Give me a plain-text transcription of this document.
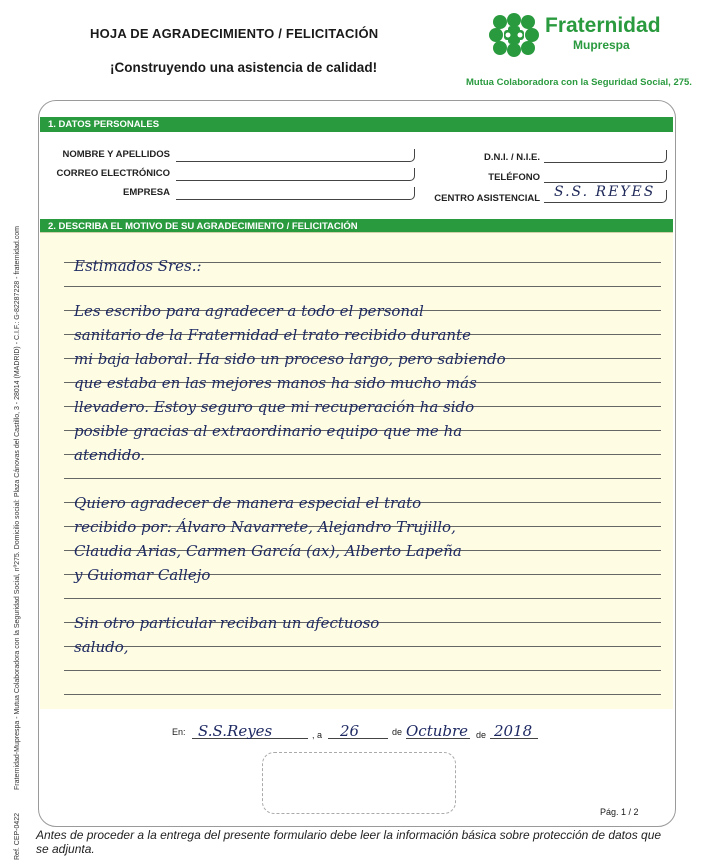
HOJA DE AGRADECIMIENTO / FELICITACIÓN
¡Construyendo una asistencia de calidad!
Fraternidad
Muprespa
Mutua Colaboradora con la Seguridad Social, 275.
Fraternidad-Muprespa - Mutua Colaboradora con la Seguridad Social, nº275. Domicilio social: Plaza Cánovas del Castillo, 3 - 28014 (MADRID) - C.I.F.: G-82287228 - fraternidad.com
Ref. CEP-0422
1. DATOS PERSONALES
NOMBRE Y APELLIDOS
CORREO ELECTRÓNICO
EMPRESA
D.N.I. / N.I.E.
TELÉFONO
CENTRO ASISTENCIAL S.S. REYES
2. DESCRIBA EL MOTIVO DE SU AGRADECIMIENTO / FELICITACIÓN
Estimados Sres.:
Les escribo para agradecer a todo el personal
sanitario de la Fraternidad el trato recibido durante
mi baja laboral. Ha sido un proceso largo, pero sabiendo
que estaba en las mejores manos ha sido mucho más
llevadero. Estoy seguro que mi recuperación ha sido
posible gracias al extraordinario equipo que me ha
atendido.
Quiero agradecer de manera especial el trato
recibido por: Álvaro Navarrete, Alejandro Trujillo,
Claudia Arias, Carmen García (ax), Alberto Lapeña
y Guiomar Callejo
Sin otro particular reciban un afectuoso
saludo,
En: S.S.Reyes	, a 26	de Octubre de 2018
Pág. 1 / 2
Antes de proceder a la entrega del presente formulario debe leer la información básica sobre protección de datos que se adjunta.
